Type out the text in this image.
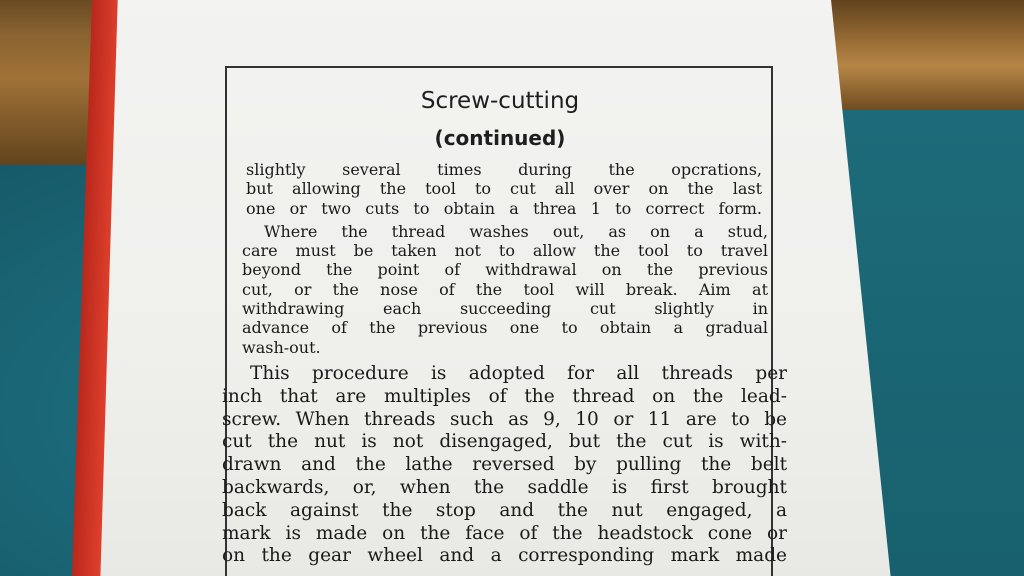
Screw-cutting
(continued)
slightly several times during the opcrations,
but allowing the tool to cut all over on the last
one or two cuts to obtain a threa 1 to correct form.
Where the thread washes out, as on a stud,
care must be taken not to allow the tool to travel
beyond the point of withdrawal on the previous
cut, or the nose of the tool will break. Aim at
withdrawing each succeeding cut slightly in
advance of the previous one to obtain a gradual
wash-out.
This procedure is adopted for all threads per
inch that are multiples of the thread on the lead-
screw. When threads such as 9, 10 or 11 are to be
cut the nut is not disengaged, but the cut is with-
drawn and the lathe reversed by pulling the belt
backwards, or, when the saddle is first brought
back against the stop and the nut engaged, a
mark is made on the face of the headstock cone or
on the gear wheel and a corresponding mark made
